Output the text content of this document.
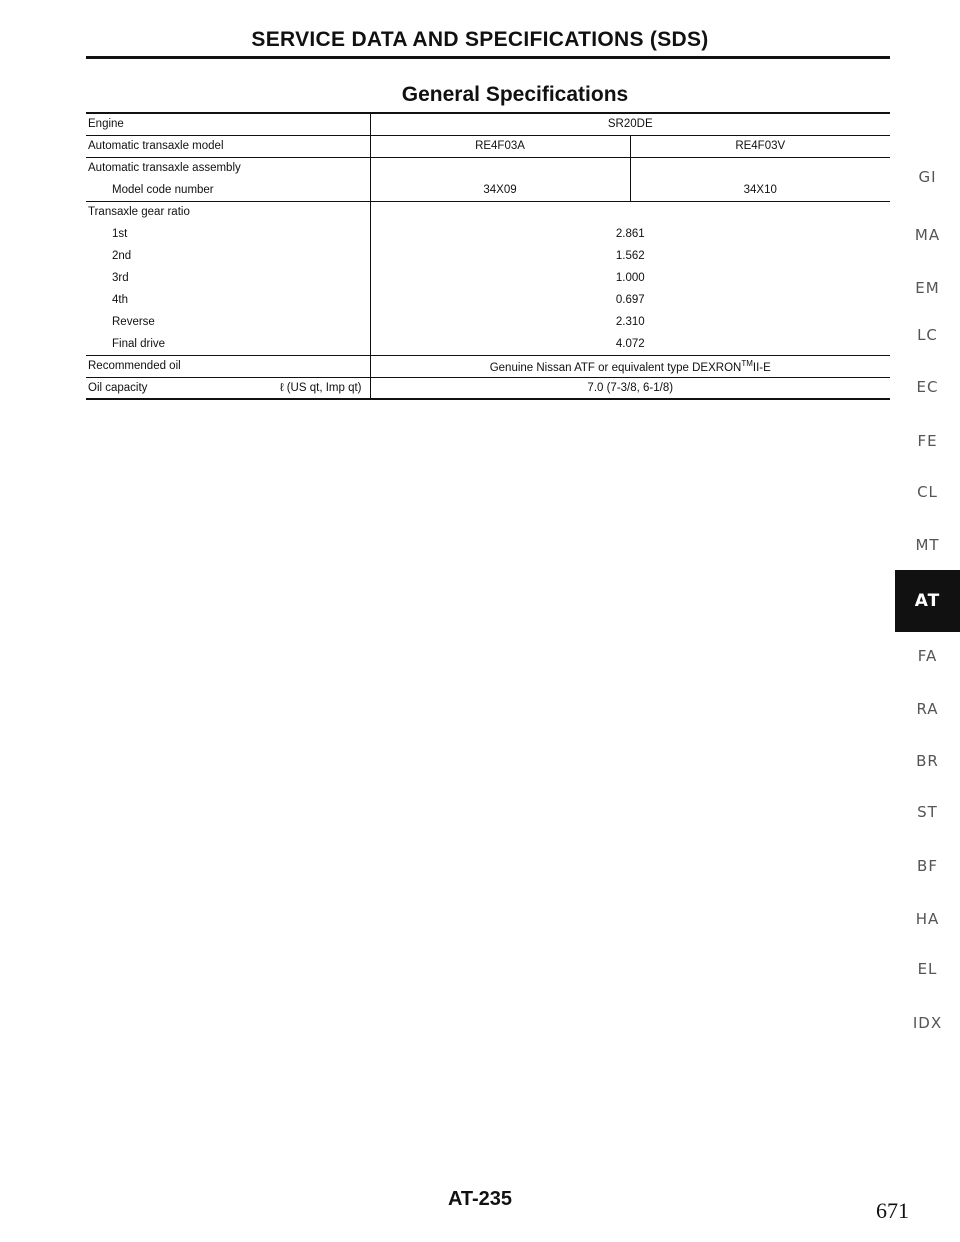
SERVICE DATA AND SPECIFICATIONS (SDS)
General Specifications
Engine	SR20DE	
Automatic transaxle model	RE4F03A	RE4F03V
Automatic transaxle assembly		
Model code number	34X09	34X10
Transaxle gear ratio		
1st	2.861	
2nd	1.562	
3rd	1.000	
4th	0.697	
Reverse	2.310	
Final drive	4.072	
Recommended oil	Genuine Nissan ATF or equivalent type DEXRON™II-E	
Oil capacity ℓ (US qt, Imp qt)	7.0 (7-3/8, 6-1/8)	
GI
MA
EM
LC
EC
FE
CL
MT
AT
FA
RA
BR
ST
BF
HA
EL
IDX
AT-235	671
